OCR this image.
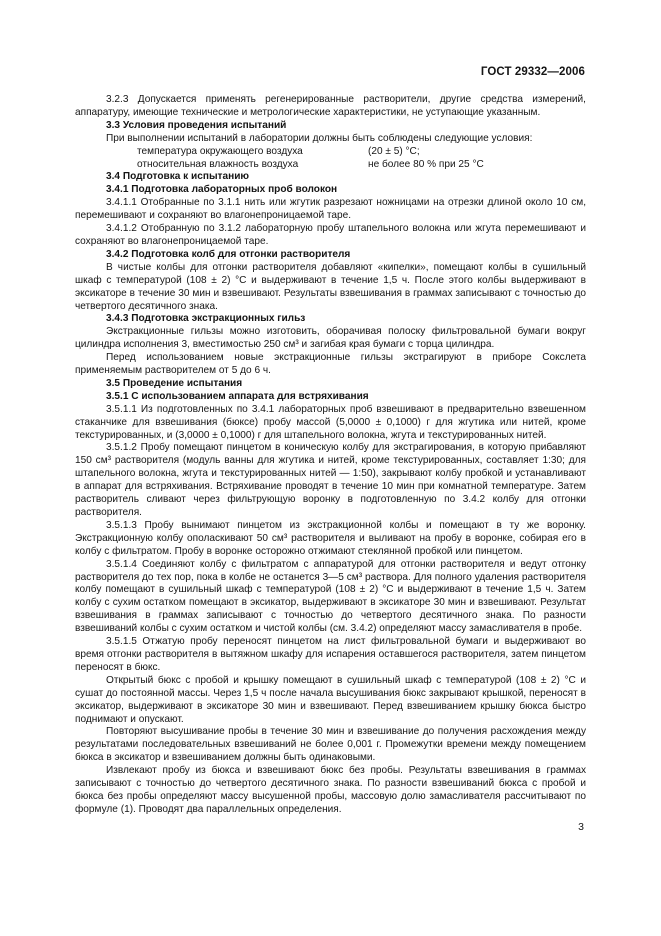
ГОСТ 29332—2006

3.2.3 Допускается применять регенерированные растворители, другие средства измерений, аппаратуру, имеющие технические и метрологические характеристики, не уступающие указанным.

3.3 Условия проведения испытаний

При выполнении испытаний в лаборатории должны быть соблюдены следующие условия:

температура окружающего воздуха	(20 ± 5) °C;

относительная влажность воздуха	не более 80 % при 25 °C

3.4 Подготовка к испытанию

3.4.1 Подготовка лабораторных проб волокон

3.4.1.1 Отобранные по 3.1.1 нить или жгутик разрезают ножницами на отрезки длиной около 10 см, перемешивают и сохраняют во влагонепроницаемой таре.

3.4.1.2 Отобранную по 3.1.2 лабораторную пробу штапельного волокна или жгута перемешивают и сохраняют во влагонепроницаемой таре.

3.4.2 Подготовка колб для отгонки растворителя

В чистые колбы для отгонки растворителя добавляют «кипелки», помещают колбы в сушильный шкаф с температурой (108 ± 2) °C и выдерживают в течение 1,5 ч. После этого колбы выдерживают в эксикаторе в течение 30 мин и взвешивают. Результаты взвешивания в граммах записывают с точностью до четвертого десятичного знака.

3.4.3 Подготовка экстракционных гильз

Экстракционные гильзы можно изготовить, оборачивая полоску фильтровальной бумаги вокруг цилиндра исполнения 3, вместимостью 250 см³ и загибая края бумаги с торца цилиндра.

Перед использованием новые экстракционные гильзы экстрагируют в приборе Сокслета применяемым растворителем от 5 до 6 ч.

3.5 Проведение испытания

3.5.1 С использованием аппарата для встряхивания

3.5.1.1 Из подготовленных по 3.4.1 лабораторных проб взвешивают в предварительно взвешенном стаканчике для взвешивания (бюксе) пробу массой (5,0000 ± 0,1000) г для жгутика или нитей, кроме текстурированных, и (3,0000 ± 0,1000) г для штапельного волокна, жгута и текстурированных нитей.

3.5.1.2 Пробу помещают пинцетом в коническую колбу для экстрагирования, в которую прибавляют 150 см³ растворителя (модуль ванны для жгутика и нитей, кроме текстурированных, составляет 1:30; для штапельного волокна, жгута и текстурированных нитей — 1:50), закрывают колбу пробкой и устанавливают в аппарат для встряхивания. Встряхивание проводят в течение 10 мин при комнатной температуре. Затем растворитель сливают через фильтрующую воронку в подготовленную по 3.4.2 колбу для отгонки растворителя.

3.5.1.3 Пробу вынимают пинцетом из экстракционной колбы и помещают в ту же воронку. Экстракционную колбу ополаскивают 50 см³ растворителя и выливают на пробу в воронке, собирая его в колбу с фильтратом. Пробу в воронке осторожно отжимают стеклянной пробкой или пинцетом.

3.5.1.4 Соединяют колбу с фильтратом с аппаратурой для отгонки растворителя и ведут отгонку растворителя до тех пор, пока в колбе не останется 3—5 см³ раствора. Для полного удаления растворителя колбу помещают в сушильный шкаф с температурой (108 ± 2) °C и выдерживают в течение 1,5 ч. Затем колбу с сухим остатком помещают в эксикатор, выдерживают в эксикаторе 30 мин и взвешивают. Результат взвешивания в граммах записывают с точностью до четвертого десятичного знака. По разности взвешиваний колбы с сухим остатком и чистой колбы (см. 3.4.2) определяют массу замасливателя в пробе.

3.5.1.5 Отжатую пробу переносят пинцетом на лист фильтровальной бумаги и выдерживают во время отгонки растворителя в вытяжном шкафу для испарения оставшегося растворителя, затем пинцетом переносят в бюкс.

Открытый бюкс с пробой и крышку помещают в сушильный шкаф с температурой (108 ± 2) °C и сушат до постоянной массы. Через 1,5 ч после начала высушивания бюкс закрывают крышкой, переносят в эксикатор, выдерживают в эксикаторе 30 мин и взвешивают. Перед взвешиванием крышку бюкса быстро поднимают и опускают.

Повторяют высушивание пробы в течение 30 мин и взвешивание до получения расхождения между результатами последовательных взвешиваний не более 0,001 г. Промежутки времени между помещением бюкса в эксикатор и взвешиванием должны быть одинаковыми.

Извлекают пробу из бюкса и взвешивают бюкс без пробы. Результаты взвешивания в граммах записывают с точностью до четвертого десятичного знака. По разности взвешиваний бюкса с пробой и бюкса без пробы определяют массу высушенной пробы, массовую долю замасливателя рассчитывают по формуле (1). Проводят два параллельных определения.

3
